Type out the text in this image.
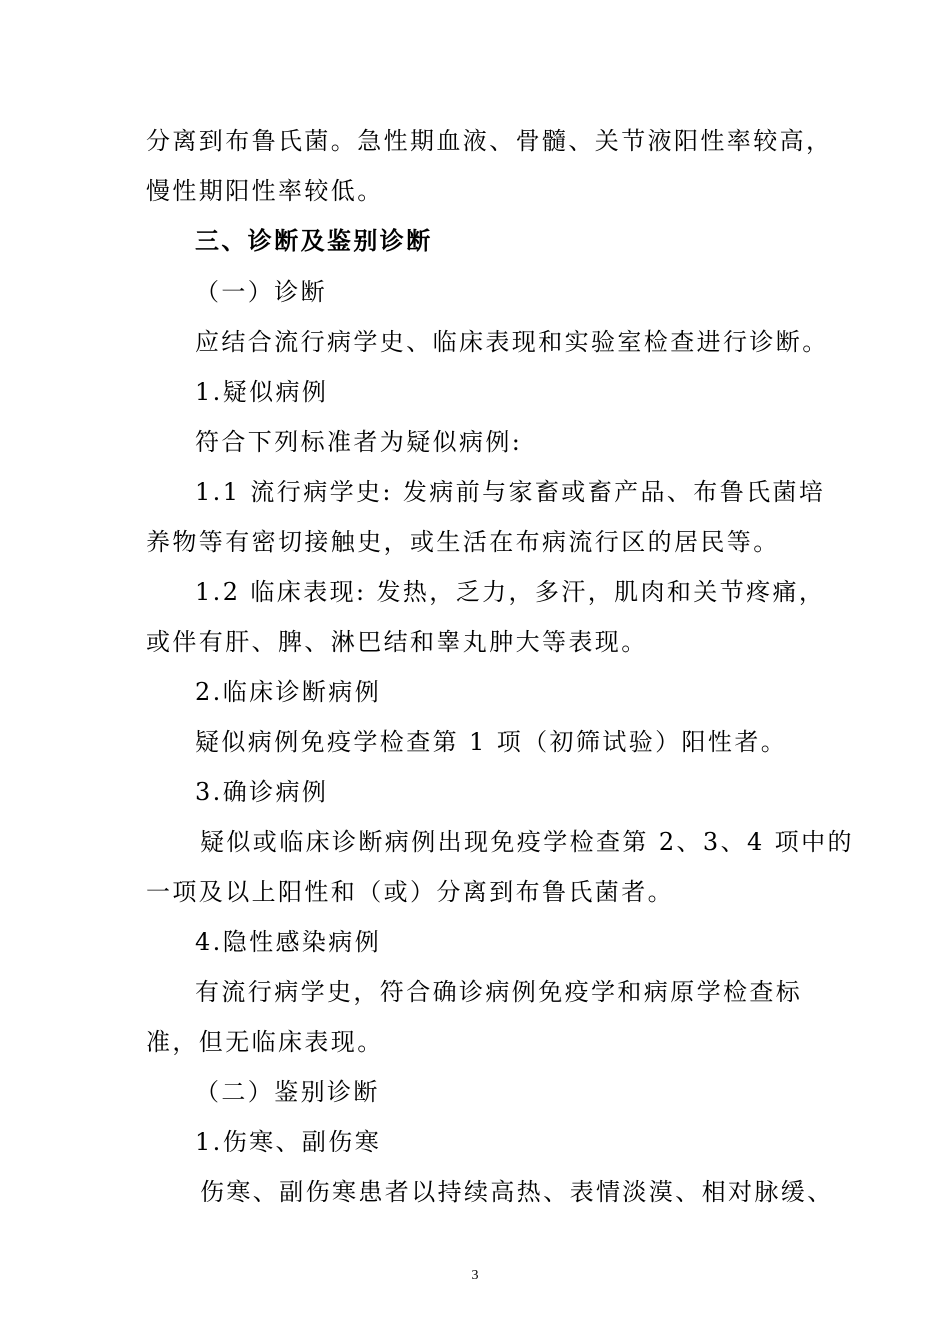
分离到布鲁氏菌。急性期血液、骨髓、关节液阳性率较高，
慢性期阳性率较低。
三、诊断及鉴别诊断
（一）诊断
应结合流行病学史、临床表现和实验室检查进行诊断。
1.疑似病例
符合下列标准者为疑似病例:
1.1 流行病学史: 发病前与家畜或畜产品、布鲁氏菌培
养物等有密切接触史，或生活在布病流行区的居民等。
1.2 临床表现: 发热，乏力，多汗，肌肉和关节疼痛，
或伴有肝、脾、淋巴结和睾丸肿大等表现。
2.临床诊断病例
疑似病例免疫学检查第 1 项（初筛试验）阳性者。
3.确诊病例
疑似或临床诊断病例出现免疫学检查第 2、3、4 项中的
一项及以上阳性和（或）分离到布鲁氏菌者。
4.隐性感染病例
有流行病学史，符合确诊病例免疫学和病原学检查标
准，但无临床表现。
（二）鉴别诊断
1.伤寒、副伤寒
伤寒、副伤寒患者以持续高热、表情淡漠、相对脉缓、
3
